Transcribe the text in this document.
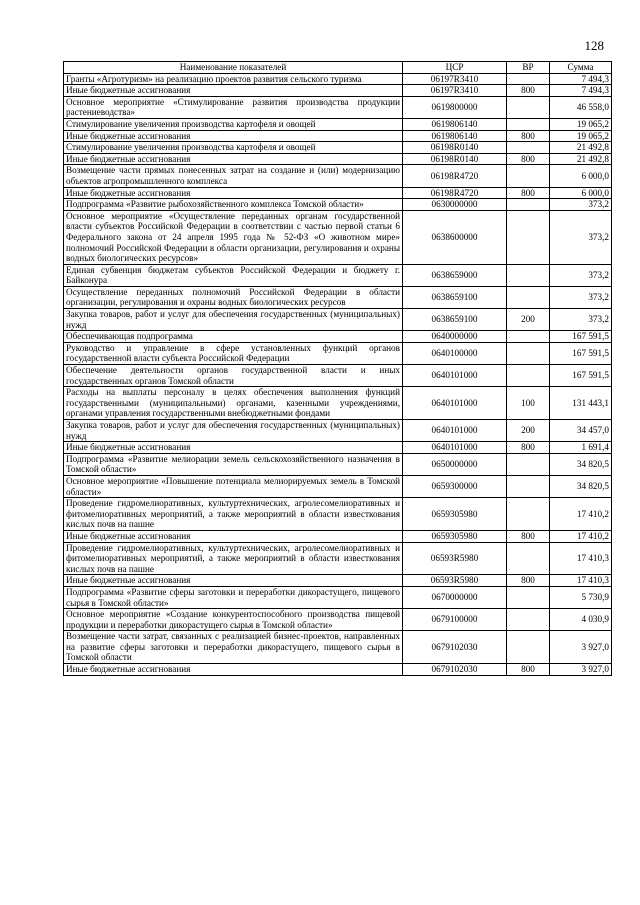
128
Наименование показателей	ЦСР	ВР	Сумма
Гранты «Агротуризм» на реализацию проектов развития сельского туризма	06197R3410		7 494,3
Иные бюджетные ассигнования	06197R3410	800	7 494,3
Основное мероприятие «Стимулирование развития производства продукции растениеводства»	0619800000		46 558,0
Стимулирование увеличения производства картофеля и овощей	0619806140		19 065,2
Иные бюджетные ассигнования	0619806140	800	19 065,2
Стимулирование увеличения производства картофеля и овощей	06198R0140		21 492,8
Иные бюджетные ассигнования	06198R0140	800	21 492,8
Возмещение части прямых понесенных затрат на создание и (или) модернизацию объектов агропромышленного комплекса	06198R4720		6 000,0
Иные бюджетные ассигнования	06198R4720	800	6 000,0
Подпрограмма «Развитие рыбохозяйственного комплекса Томской области»	0630000000		373,2
Основное мероприятие «Осуществление переданных органам государственной власти субъектов Российской Федерации в соответствии с частью первой статьи 6 Федерального закона от 24 апреля 1995 года № 52-ФЗ «О животном мире» полномочий Российской Федерации в области организации, регулирования и охраны водных биологических ресурсов»	0638600000		373,2
Единая субвенция бюджетам субъектов Российской Федерации и бюджету г. Байконура	0638659000		373,2
Осуществление переданных полномочий Российской Федерации в области организации, регулирования и охраны водных биологических ресурсов	0638659100		373,2
Закупка товаров, работ и услуг для обеспечения государственных (муниципальных) нужд	0638659100	200	373,2
Обеспечивающая подпрограмма	0640000000		167 591,5
Руководство и управление в сфере установленных функций органов государственной власти субъекта Российской Федерации	0640100000		167 591,5
Обеспечение деятельности органов государственной власти и иных государственных органов Томской области	0640101000		167 591,5
Расходы на выплаты персоналу в целях обеспечения выполнения функций государственными (муниципальными) органами, казенными учреждениями, органами управления государственными внебюджетными фондами	0640101000	100	131 443,1
Закупка товаров, работ и услуг для обеспечения государственных (муниципальных) нужд	0640101000	200	34 457,0
Иные бюджетные ассигнования	0640101000	800	1 691,4
Подпрограмма «Развитие мелиорации земель сельскохозяйственного назначения в Томской области»	0650000000		34 820,5
Основное мероприятие «Повышение потенциала мелиорируемых земель в Томской области»	0659300000		34 820,5
Проведение гидромелиоративных, культуртехнических, агролесомелиоративных и фитомелиоративных мероприятий, а также мероприятий в области известкования кислых почв на пашне	0659305980		17 410,2
Иные бюджетные ассигнования	0659305980	800	17 410,2
Проведение гидромелиоративных, культуртехнических, агролесомелиоративных и фитомелиоративных мероприятий, а также мероприятий в области известкования кислых почв на пашне	06593R5980		17 410,3
Иные бюджетные ассигнования	06593R5980	800	17 410,3
Подпрограмма «Развитие сферы заготовки и переработки дикорастущего, пищевого сырья в Томской области»	0670000000		5 730,9
Основное мероприятие «Создание конкурентоспособного производства пищевой продукции и переработки дикорастущего сырья в Томской области»	0679100000		4 030,9
Возмещение части затрат, связанных с реализацией бизнес-проектов, направленных на развитие сферы заготовки и переработки дикорастущего, пищевого сырья в Томской области	0679102030		3 927,0
Иные бюджетные ассигнования	0679102030	800	3 927,0
